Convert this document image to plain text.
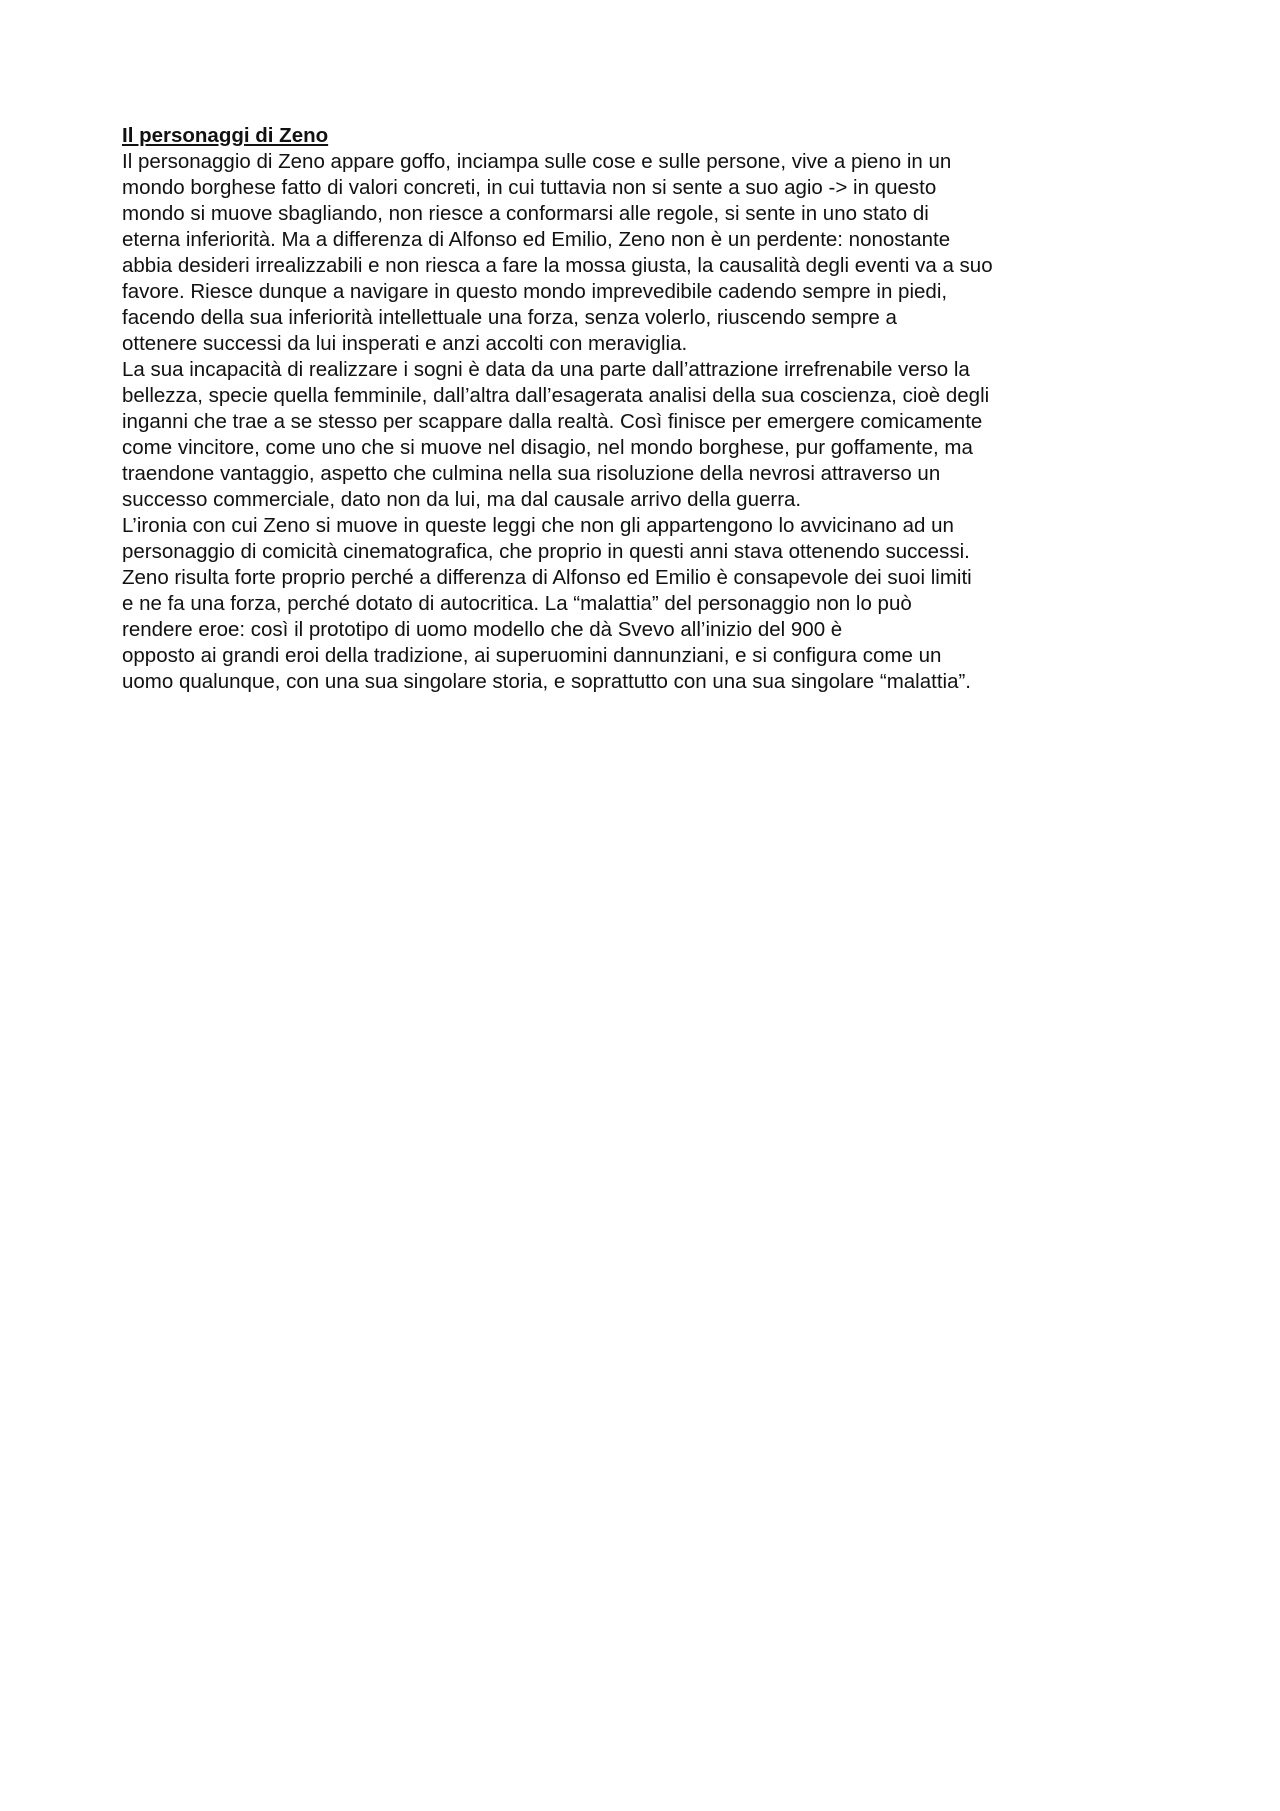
Il personaggi di Zeno
Il personaggio di Zeno appare goffo, inciampa sulle cose e sulle persone, vive a pieno in un
mondo borghese fatto di valori concreti, in cui tuttavia non si sente a suo agio -> in questo
mondo si muove sbagliando, non riesce a conformarsi alle regole, si sente in uno stato di
eterna inferiorità. Ma a differenza di Alfonso ed Emilio, Zeno non è un perdente: nonostante
abbia desideri irrealizzabili e non riesca a fare la mossa giusta, la causalità degli eventi va a suo
favore. Riesce dunque a navigare in questo mondo imprevedibile cadendo sempre in piedi,
facendo della sua inferiorità intellettuale una forza, senza volerlo, riuscendo sempre a
ottenere successi da lui insperati e anzi accolti con meraviglia.
La sua incapacità di realizzare i sogni è data da una parte dall’attrazione irrefrenabile verso la
bellezza, specie quella femminile, dall’altra dall’esagerata analisi della sua coscienza, cioè degli
inganni che trae a se stesso per scappare dalla realtà. Così finisce per emergere comicamente
come vincitore, come uno che si muove nel disagio, nel mondo borghese, pur goffamente, ma
traendone vantaggio, aspetto che culmina nella sua risoluzione della nevrosi attraverso un
successo commerciale, dato non da lui, ma dal causale arrivo della guerra.
L’ironia con cui Zeno si muove in queste leggi che non gli appartengono lo avvicinano ad un
personaggio di comicità cinematografica, che proprio in questi anni stava ottenendo successi.
Zeno risulta forte proprio perché a differenza di Alfonso ed Emilio è consapevole dei suoi limiti
e ne fa una forza, perché dotato di autocritica. La “malattia” del personaggio non lo può
rendere eroe: così il prototipo di uomo modello che dà Svevo all’inizio del 900 è
opposto ai grandi eroi della tradizione, ai superuomini dannunziani, e si configura come un
uomo qualunque, con una sua singolare storia, e soprattutto con una sua singolare “malattia”.
